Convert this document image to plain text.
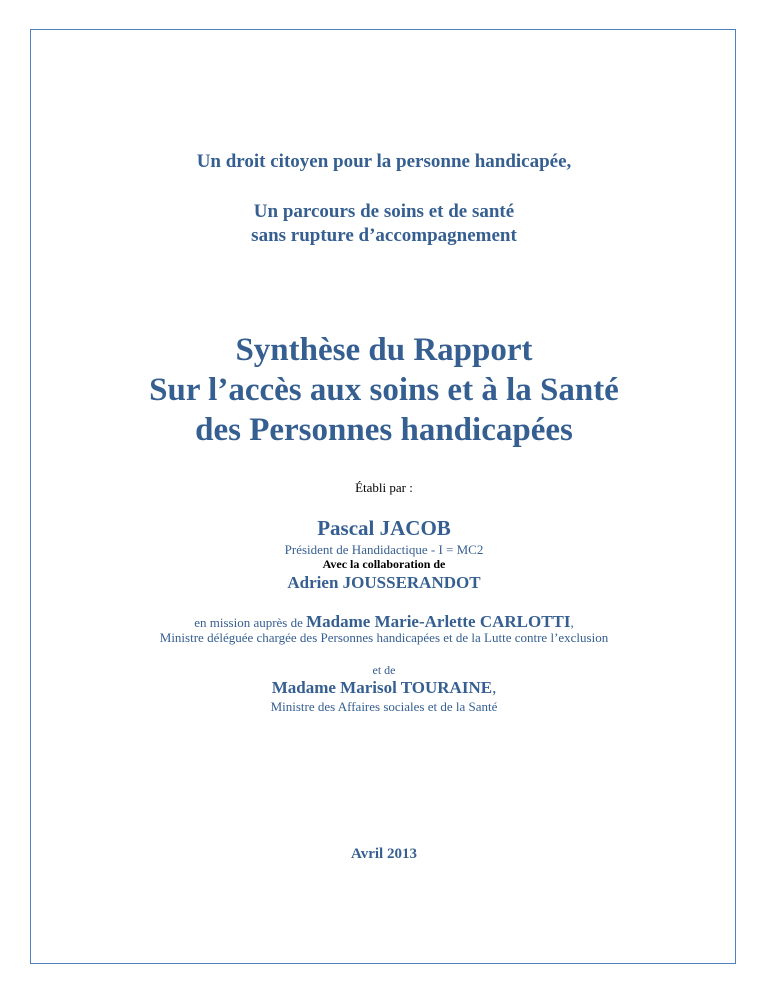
Un droit citoyen pour la personne handicapée,
Un parcours de soins et de santé
sans rupture d’accompagnement
Synthèse du Rapport
Sur l’accès aux soins et à la Santé
des Personnes handicapées
Établi par :
Pascal JACOB
Président de Handidactique - I = MC2
Avec la collaboration de
Adrien JOUSSERANDOT
en mission auprès de Madame Marie-Arlette CARLOTTI,
Ministre déléguée chargée des Personnes handicapées et de la Lutte contre l’exclusion
et de
Madame Marisol TOURAINE,
Ministre des Affaires sociales et de la Santé
Avril 2013
